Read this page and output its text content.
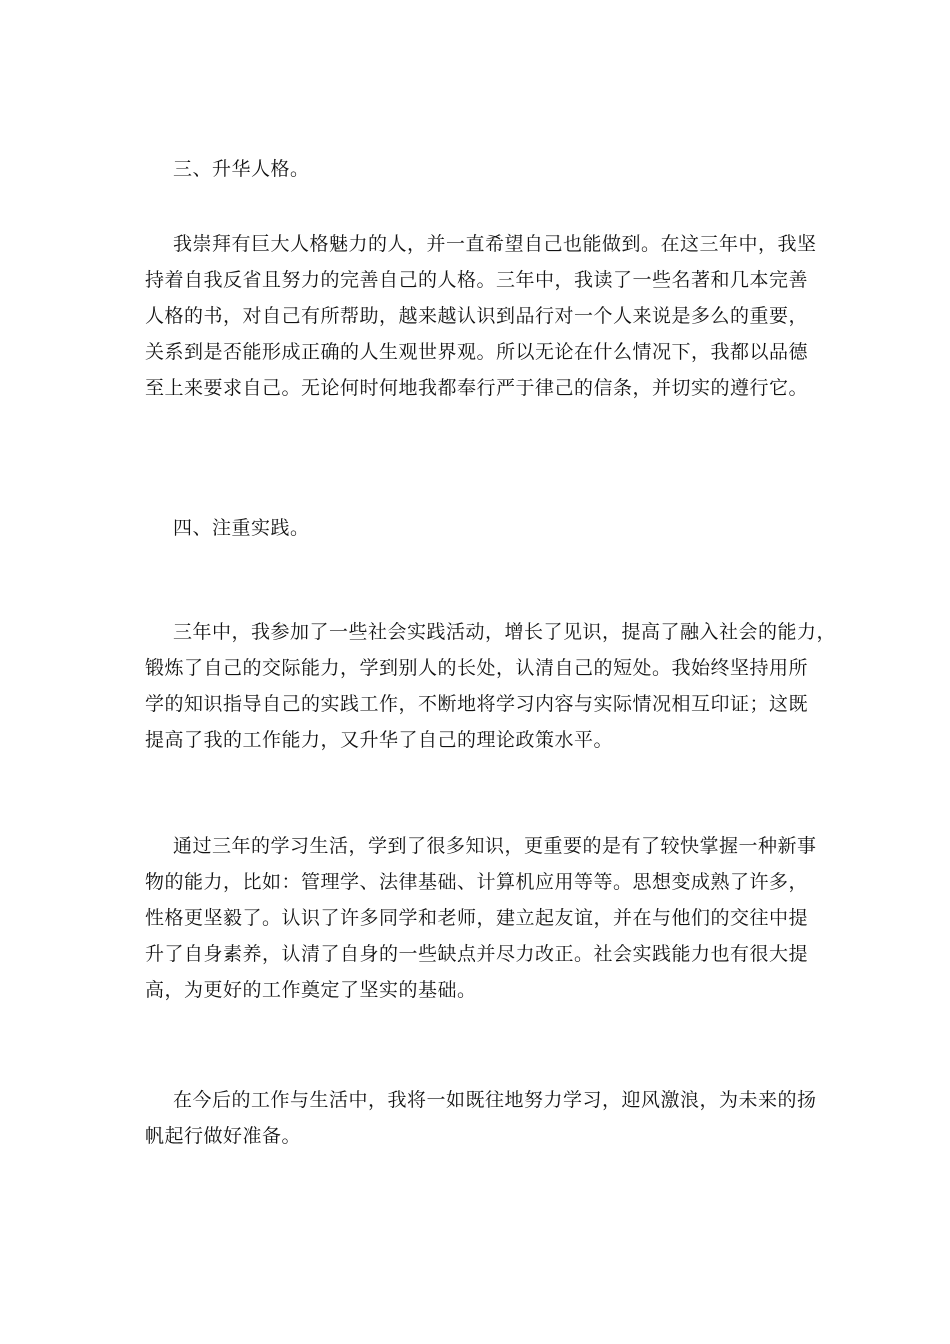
三、升华人格。
我崇拜有巨大人格魅力的人，并一直希望自己也能做到。在这三年中，我坚
持着自我反省且努力的完善自己的人格。三年中，我读了一些名著和几本完善
人格的书，对自己有所帮助，越来越认识到品行对一个人来说是多么的重要，
关系到是否能形成正确的人生观世界观。所以无论在什么情况下，我都以品德
至上来要求自己。无论何时何地我都奉行严于律己的信条，并切实的遵行它。
四、注重实践。
三年中，我参加了一些社会实践活动，增长了见识，提高了融入社会的能力，
锻炼了自己的交际能力，学到别人的长处，认清自己的短处。我始终坚持用所
学的知识指导自己的实践工作，不断地将学习内容与实际情况相互印证；这既
提高了我的工作能力，又升华了自己的理论政策水平。
通过三年的学习生活，学到了很多知识，更重要的是有了较快掌握一种新事
物的能力，比如：管理学、法律基础、计算机应用等等。思想变成熟了许多，
性格更坚毅了。认识了许多同学和老师，建立起友谊，并在与他们的交往中提
升了自身素养，认清了自身的一些缺点并尽力改正。社会实践能力也有很大提
高，为更好的工作奠定了坚实的基础。
在今后的工作与生活中，我将一如既往地努力学习，迎风激浪，为未来的扬
帆起行做好准备。
